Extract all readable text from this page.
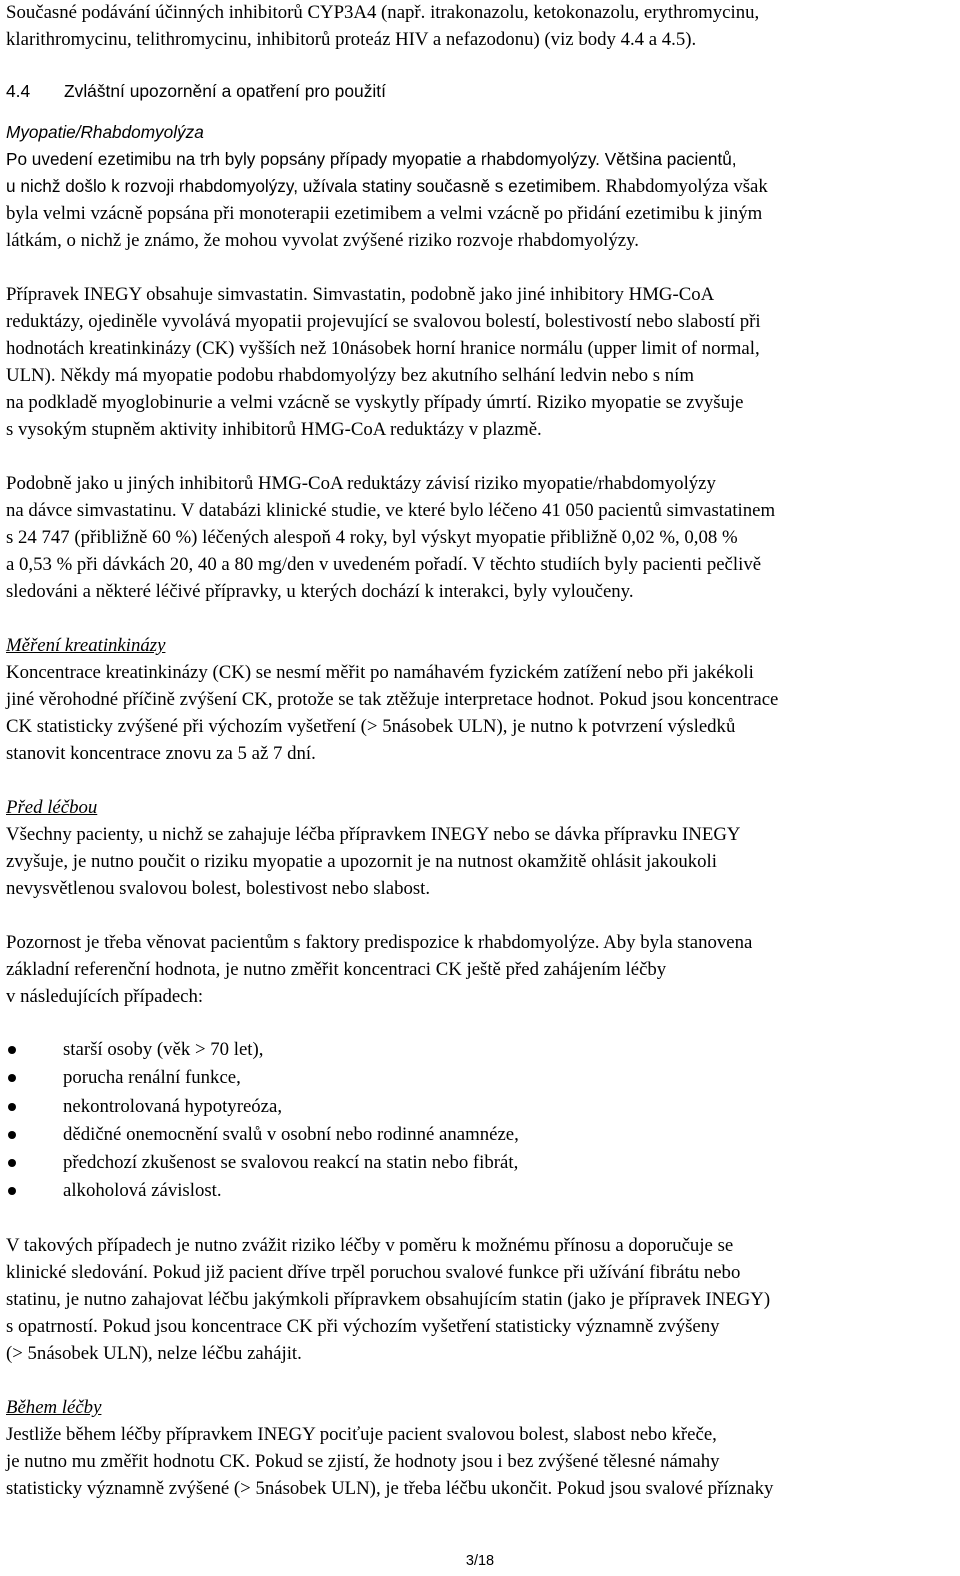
Současné podávání účinných inhibitorů CYP3A4 (např. itrakonazolu, ketokonazolu, erythromycinu,

klarithromycinu, telithromycinu, inhibitorů proteáz HIV a nefazodonu) (viz body 4.4 a 4.5).

4.4 Zvláštní upozornění a opatření pro použití

Myopatie/Rhabdomyolýza

Po uvedení ezetimibu na trh byly popsány případy myopatie a rhabdomyolýzy. Většina pacientů,

u nichž došlo k rozvoji rhabdomyolýzy, užívala statiny současně s ezetimibem. Rhabdomyolýza však

byla velmi vzácně popsána při monoterapii ezetimibem a velmi vzácně po přidání ezetimibu k jiným

látkám, o nichž je známo, že mohou vyvolat zvýšené riziko rozvoje rhabdomyolýzy.

Přípravek INEGY obsahuje simvastatin. Simvastatin, podobně jako jiné inhibitory HMG-CoA

reduktázy, ojediněle vyvolává myopatii projevující se svalovou bolestí, bolestivostí nebo slabostí při

hodnotách kreatinkinázy (CK) vyšších než 10násobek horní hranice normálu (upper limit of normal,

ULN). Někdy má myopatie podobu rhabdomyolýzy bez akutního selhání ledvin nebo s ním

na podkladě myoglobinurie a velmi vzácně se vyskytly případy úmrtí. Riziko myopatie se zvyšuje

s vysokým stupněm aktivity inhibitorů HMG-CoA reduktázy v plazmě.

Podobně jako u jiných inhibitorů HMG-CoA reduktázy závisí riziko myopatie/rhabdomyolýzy

na dávce simvastatinu. V databázi klinické studie, ve které bylo léčeno 41 050 pacientů simvastatinem

s 24 747 (přibližně 60 %) léčených alespoň 4 roky, byl výskyt myopatie přibližně 0,02 %, 0,08 %

a 0,53 % při dávkách 20, 40 a 80 mg/den v uvedeném pořadí. V těchto studiích byly pacienti pečlivě

sledováni a některé léčivé přípravky, u kterých dochází k interakci, byly vyloučeny.

Měření kreatinkinázy

Koncentrace kreatinkinázy (CK) se nesmí měřit po namáhavém fyzickém zatížení nebo při jakékoli

jiné věrohodné příčině zvýšení CK, protože se tak ztěžuje interpretace hodnot. Pokud jsou koncentrace

CK statisticky zvýšené při výchozím vyšetření (> 5násobek ULN), je nutno k potvrzení výsledků

stanovit koncentrace znovu za 5 až 7 dní.

Před léčbou

Všechny pacienty, u nichž se zahajuje léčba přípravkem INEGY nebo se dávka přípravku INEGY

zvyšuje, je nutno poučit o riziku myopatie a upozornit je na nutnost okamžitě ohlásit jakoukoli

nevysvětlenou svalovou bolest, bolestivost nebo slabost.

Pozornost je třeba věnovat pacientům s faktory predispozice k rhabdomyolýze. Aby byla stanovena

základní referenční hodnota, je nutno změřit koncentraci CK ještě před zahájením léčby

v následujících případech:

starší osoby (věk > 70 let),
porucha renální funkce,
nekontrolovaná hypotyreóza,
dědičné onemocnění svalů v osobní nebo rodinné anamnéze,
předchozí zkušenost se svalovou reakcí na statin nebo fibrát,
alkoholová závislost.

V takových případech je nutno zvážit riziko léčby v poměru k možnému přínosu a doporučuje se

klinické sledování. Pokud již pacient dříve trpěl poruchou svalové funkce při užívání fibrátu nebo

statinu, je nutno zahajovat léčbu jakýmkoli přípravkem obsahujícím statin (jako je přípravek INEGY)

s opatrností. Pokud jsou koncentrace CK při výchozím vyšetření statisticky významně zvýšeny

(> 5násobek ULN), nelze léčbu zahájit.

Během léčby

Jestliže během léčby přípravkem INEGY pociťuje pacient svalovou bolest, slabost nebo křeče,

je nutno mu změřit hodnotu CK. Pokud se zjistí, že hodnoty jsou i bez zvýšené tělesné námahy

statisticky významně zvýšené (> 5násobek ULN), je třeba léčbu ukončit. Pokud jsou svalové příznaky

3/18
